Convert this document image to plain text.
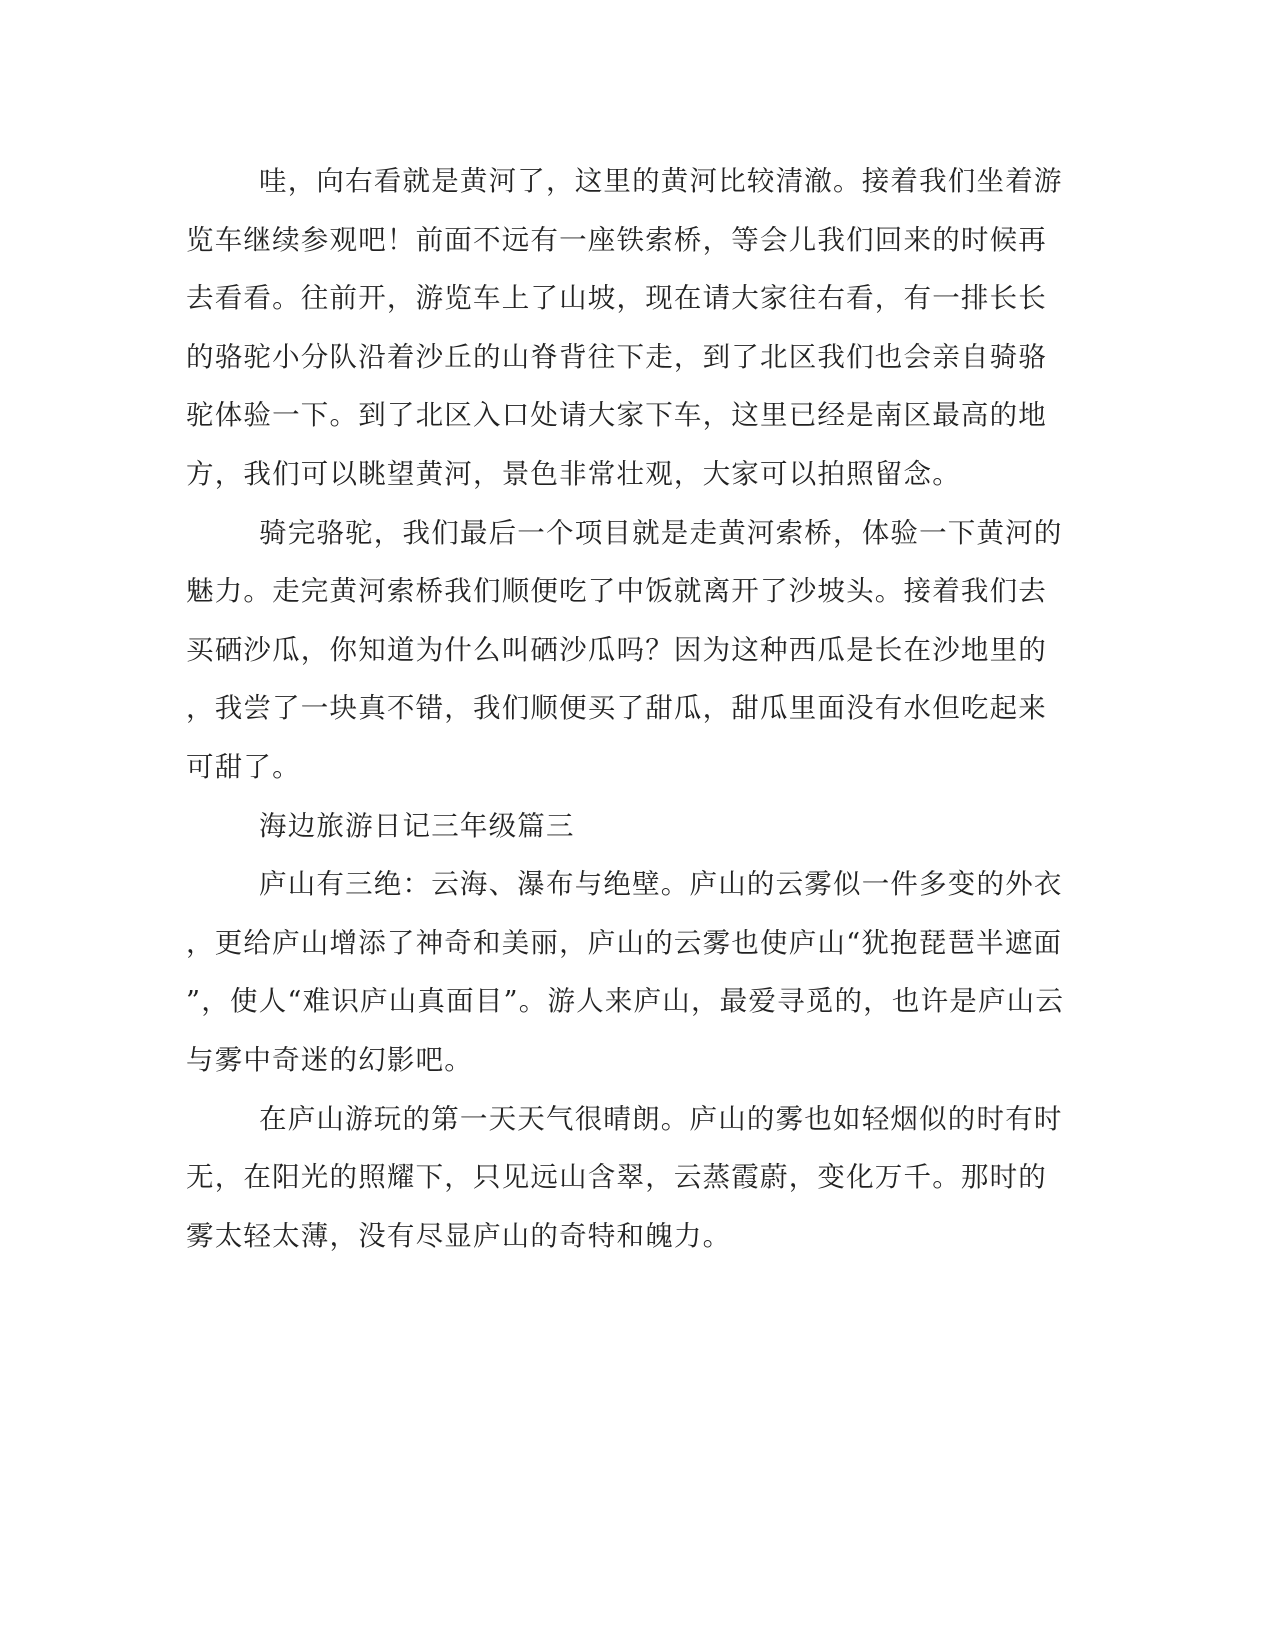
哇，向右看就是黄河了，这里的黄河比较清澈。接着我们坐着游
览车继续参观吧！前面不远有一座铁索桥，等会儿我们回来的时候再
去看看。往前开，游览车上了山坡，现在请大家往右看，有一排长长
的骆驼小分队沿着沙丘的山脊背往下走，到了北区我们也会亲自骑骆
驼体验一下。到了北区入口处请大家下车，这里已经是南区最高的地
方，我们可以眺望黄河，景色非常壮观，大家可以拍照留念。

骑完骆驼，我们最后一个项目就是走黄河索桥，体验一下黄河的
魅力。走完黄河索桥我们顺便吃了中饭就离开了沙坡头。接着我们去
买硒沙瓜，你知道为什么叫硒沙瓜吗？因为这种西瓜是长在沙地里的
，我尝了一块真不错，我们顺便买了甜瓜，甜瓜里面没有水但吃起来
可甜了。

海边旅游日记三年级篇三

庐山有三绝：云海、瀑布与绝壁。庐山的云雾似一件多变的外衣
，更给庐山增添了神奇和美丽，庐山的云雾也使庐山“犹抱琵琶半遮面
”，使人“难识庐山真面目”。游人来庐山，最爱寻觅的，也许是庐山云
与雾中奇迷的幻影吧。

在庐山游玩的第一天天气很晴朗。庐山的雾也如轻烟似的时有时
无，在阳光的照耀下，只见远山含翠，云蒸霞蔚，变化万千。那时的
雾太轻太薄，没有尽显庐山的奇特和魄力。
